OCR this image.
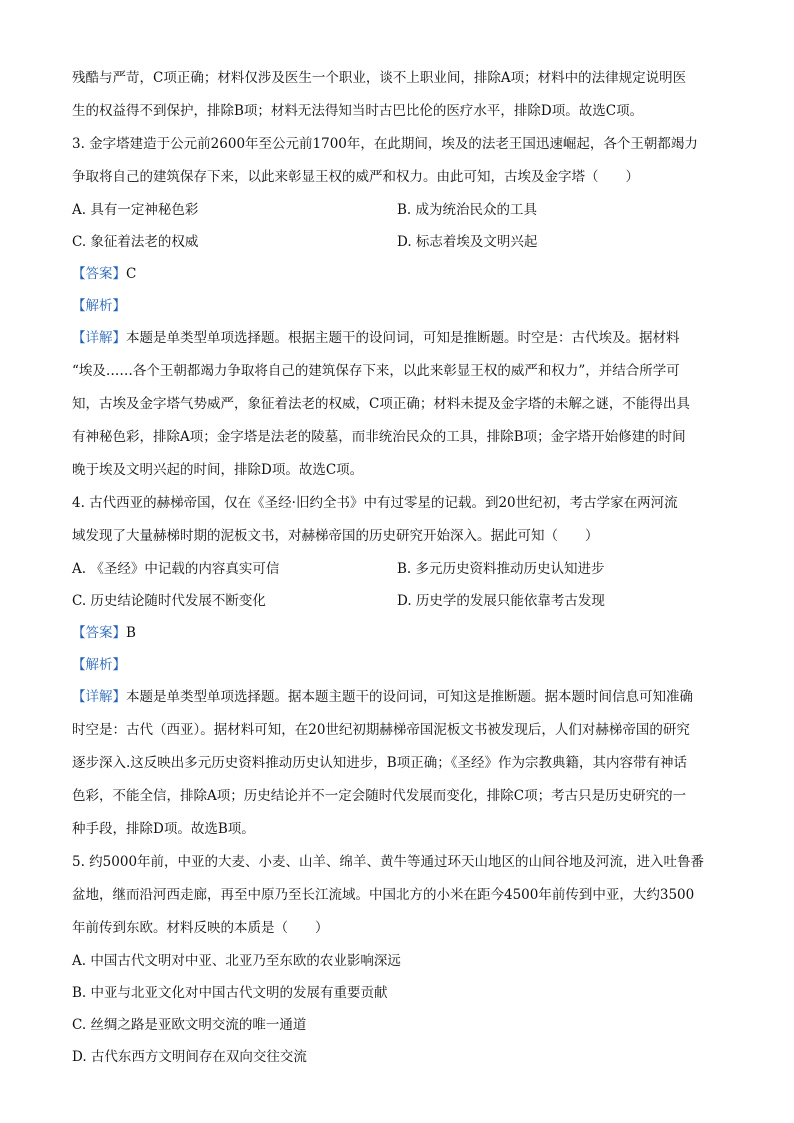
残酷与严苛，C项正确；材料仅涉及医生一个职业，谈不上职业间，排除A项；材料中的法律规定说明医

生的权益得不到保护，排除B项；材料无法得知当时古巴比伦的医疗水平，排除D项。故选C项。

3. 金字塔建造于公元前2600年至公元前1700年，在此期间，埃及的法老王国迅速崛起，各个王朝都竭力

争取将自己的建筑保存下来，以此来彰显王权的威严和权力。由此可知，古埃及金字塔（　　）

A. 具有一定神秘色彩	B. 成为统治民众的工具
C. 象征着法老的权威	D. 标志着埃及文明兴起

【答案】C

【解析】

【详解】本题是单类型单项选择题。根据主题干的设问词，可知是推断题。时空是：古代埃及。据材料

“埃及……各个王朝都竭力争取将自己的建筑保存下来，以此来彰显王权的威严和权力”，并结合所学可

知，古埃及金字塔气势威严，象征着法老的权威，C项正确；材料未提及金字塔的未解之谜，不能得出具

有神秘色彩，排除A项；金字塔是法老的陵墓，而非统治民众的工具，排除B项；金字塔开始修建的时间

晚于埃及文明兴起的时间，排除D项。故选C项。

4. 古代西亚的赫梯帝国，仅在《圣经·旧约全书》中有过零星的记载。到20世纪初，考古学家在两河流

域发现了大量赫梯时期的泥板文书，对赫梯帝国的历史研究开始深入。据此可知（　　）

A. 《圣经》中记载的内容真实可信	B. 多元历史资料推动历史认知进步
C. 历史结论随时代发展不断变化	D. 历史学的发展只能依靠考古发现

【答案】B

【解析】

【详解】本题是单类型单项选择题。据本题主题干的设问词，可知这是推断题。据本题时间信息可知准确

时空是：古代（西亚）。据材料可知，在20世纪初期赫梯帝国泥板文书被发现后，人们对赫梯帝国的研究

逐步深入.这反映出多元历史资料推动历史认知进步，B项正确；《圣经》作为宗教典籍，其内容带有神话

色彩，不能全信，排除A项；历史结论并不一定会随时代发展而变化，排除C项；考古只是历史研究的一

种手段，排除D项。故选B项。

5. 约5000年前，中亚的大麦、小麦、山羊、绵羊、黄牛等通过环天山地区的山间谷地及河流，进入吐鲁番

盆地，继而沿河西走廊，再至中原乃至长江流域。中国北方的小米在距今4500年前传到中亚，大约3500

年前传到东欧。材料反映的本质是（　　）

A. 中国古代文明对中亚、北亚乃至东欧的农业影响深远

B. 中亚与北亚文化对中国古代文明的发展有重要贡献

C. 丝绸之路是亚欧文明交流的唯一通道

D. 古代东西方文明间存在双向交往交流
